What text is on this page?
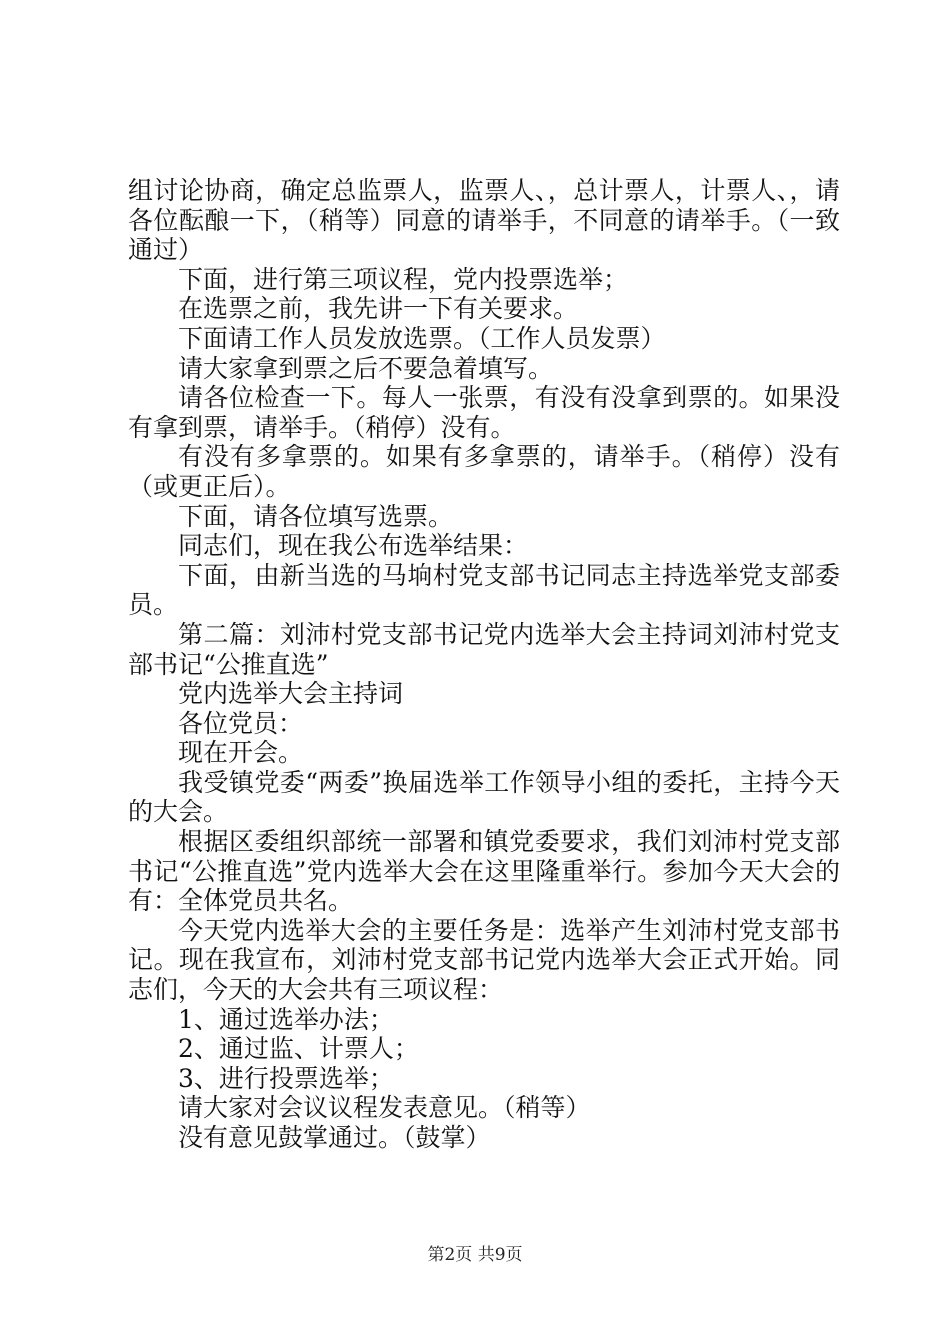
组讨论协商，确定总监票人，监票人、，总计票人，计票人、，请各位酝酿一下，（稍等）同意的请举手，不同意的请举手。（一致通过）

下面，进行第三项议程，党内投票选举；

在选票之前，我先讲一下有关要求。

下面请工作人员发放选票。（工作人员发票）

请大家拿到票之后不要急着填写。

请各位检查一下。每人一张票，有没有没拿到票的。如果没有拿到票，请举手。（稍停）没有。

有没有多拿票的。如果有多拿票的，请举手。（稍停）没有（或更正后）。

下面，请各位填写选票。

同志们，现在我公布选举结果：

下面，由新当选的马垧村党支部书记同志主持选举党支部委员。

第二篇：刘沛村党支部书记党内选举大会主持词刘沛村党支部书记“公推直选”

党内选举大会主持词

各位党员：

现在开会。

我受镇党委“两委”换届选举工作领导小组的委托，主持今天的大会。

根据区委组织部统一部署和镇党委要求，我们刘沛村党支部书记“公推直选”党内选举大会在这里隆重举行。参加今天大会的有：全体党员共名。

今天党内选举大会的主要任务是：选举产生刘沛村党支部书记。现在我宣布，刘沛村党支部书记党内选举大会正式开始。同志们，今天的大会共有三项议程：

1、通过选举办法；

2、通过监、计票人；

3、进行投票选举；

请大家对会议议程发表意见。（稍等）

没有意见鼓掌通过。（鼓掌）

第2页 共9页
